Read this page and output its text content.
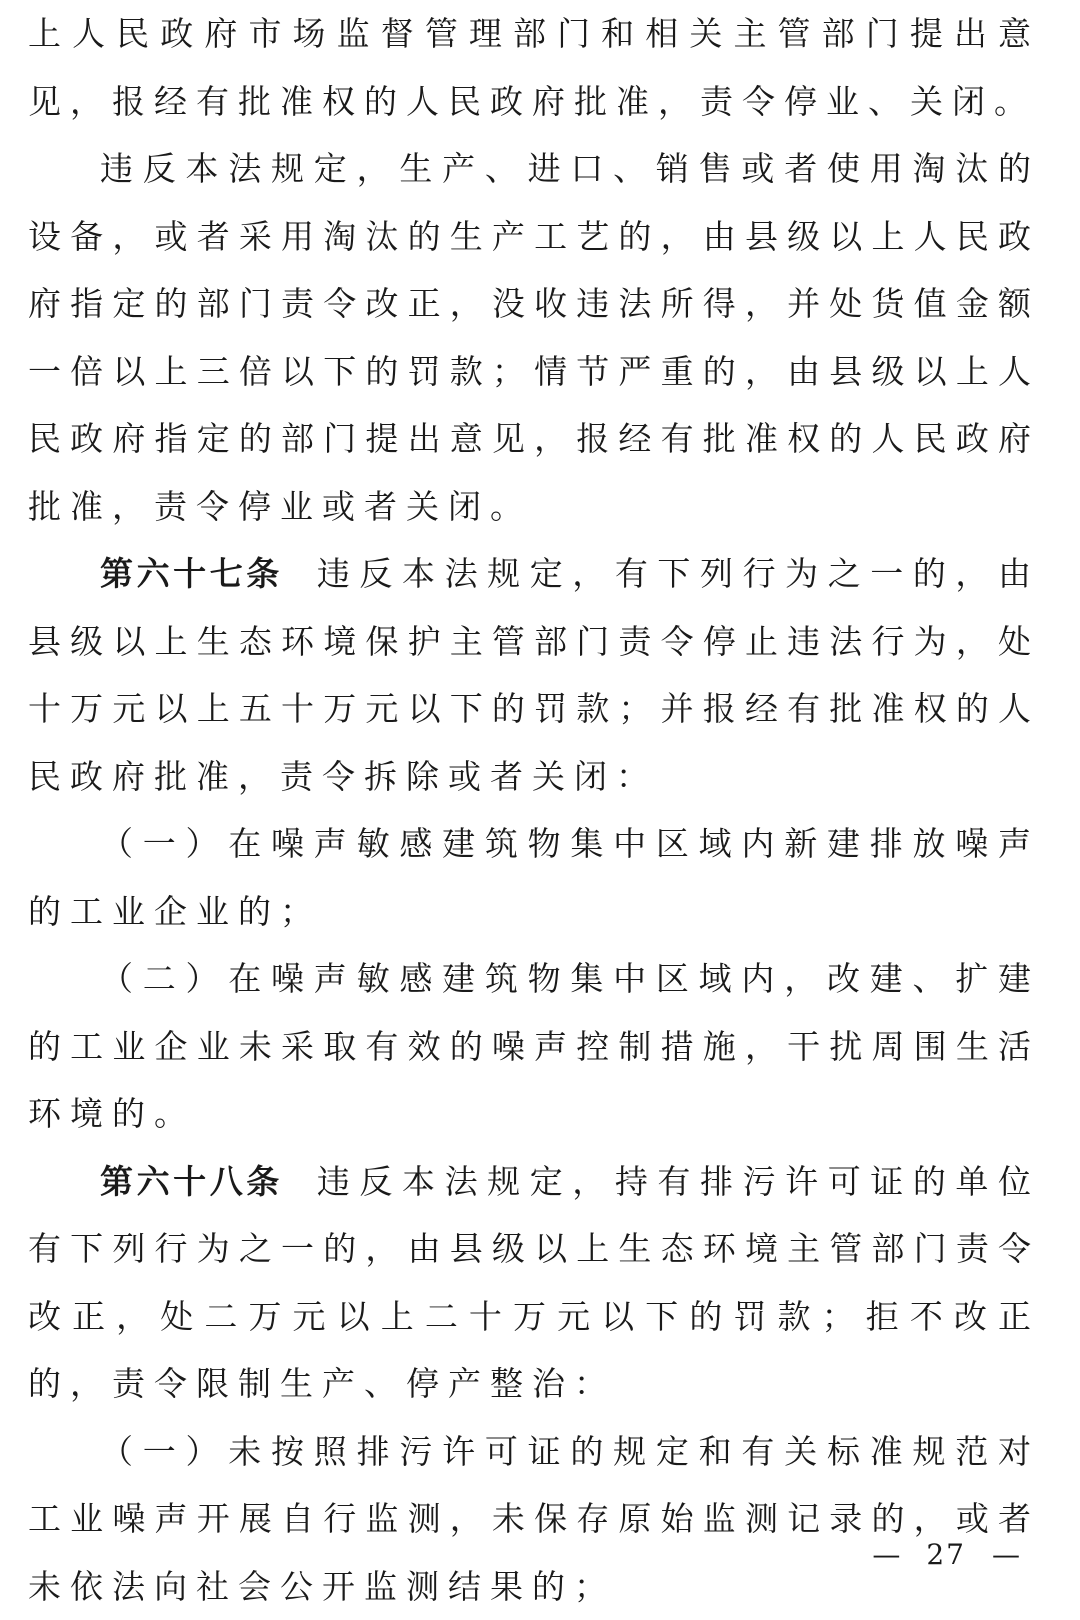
上人民政府市场监督管理部门和相关主管部门提出意见，报经有批准权的人民政府批准，责令停业、关闭。

违反本法规定，生产、进口、销售或者使用淘汰的设备，或者采用淘汰的生产工艺的，由县级以上人民政府指定的部门责令改正，没收违法所得，并处货值金额一倍以上三倍以下的罚款；情节严重的，由县级以上人民政府指定的部门提出意见，报经有批准权的人民政府批准，责令停业或者关闭。

第六十七条 违反本法规定，有下列行为之一的，由县级以上生态环境保护主管部门责令停止违法行为，处十万元以上五十万元以下的罚款；并报经有批准权的人民政府批准，责令拆除或者关闭：

（一）在噪声敏感建筑物集中区域内新建排放噪声的工业企业的；

（二）在噪声敏感建筑物集中区域内，改建、扩建的工业企业未采取有效的噪声控制措施，干扰周围生活环境的。

第六十八条 违反本法规定，持有排污许可证的单位有下列行为之一的，由县级以上生态环境主管部门责令改正，处二万元以上二十万元以下的罚款；拒不改正的，责令限制生产、停产整治：

（一）未按照排污许可证的规定和有关标准规范对工业噪声开展自行监测，未保存原始监测记录的，或者未依法向社会公开监测结果的；

— 27 —
